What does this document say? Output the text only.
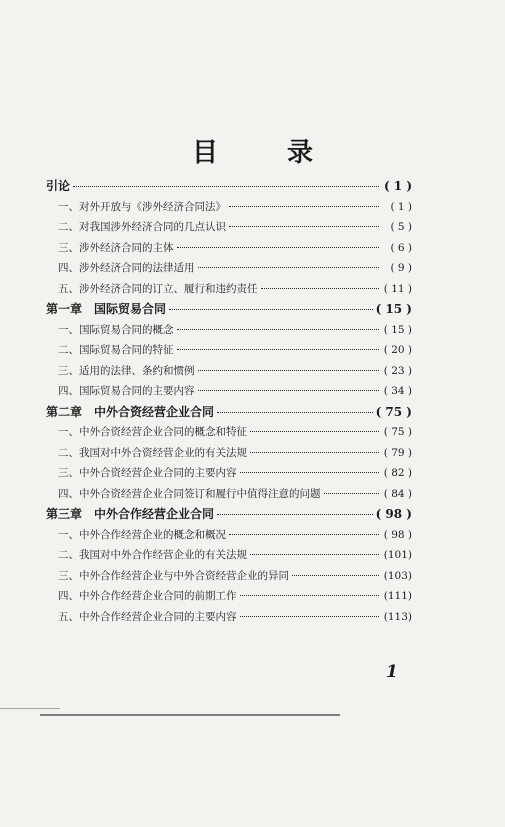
目 录
引论	( 1 )
一、对外开放与《涉外经济合同法》	( 1 )
二、对我国涉外经济合同的几点认识	( 5 )
三、涉外经济合同的主体	( 6 )
四、涉外经济合同的法律适用	( 9 )
五、涉外经济合同的订立、履行和违约责任	( 11 )
第一章　国际贸易合同	( 15 )
一、国际贸易合同的概念	( 15 )
二、国际贸易合同的特征	( 20 )
三、适用的法律、条约和惯例	( 23 )
四、国际贸易合同的主要内容	( 34 )
第二章　中外合资经营企业合同	( 75 )
一、中外合资经营企业合同的概念和特征	( 75 )
二、我国对中外合资经营企业的有关法规	( 79 )
三、中外合资经营企业合同的主要内容	( 82 )
四、中外合资经营企业合同签订和履行中值得注意的问题	( 84 )
第三章　中外合作经营企业合同	( 98 )
一、中外合作经营企业的概念和概况	( 98 )
二、我国对中外合作经营企业的有关法规	(101)
三、中外合作经营企业与中外合资经营企业的异同	(103)
四、中外合作经营企业合同的前期工作	(111)
五、中外合作经营企业合同的主要内容	(113)
1
